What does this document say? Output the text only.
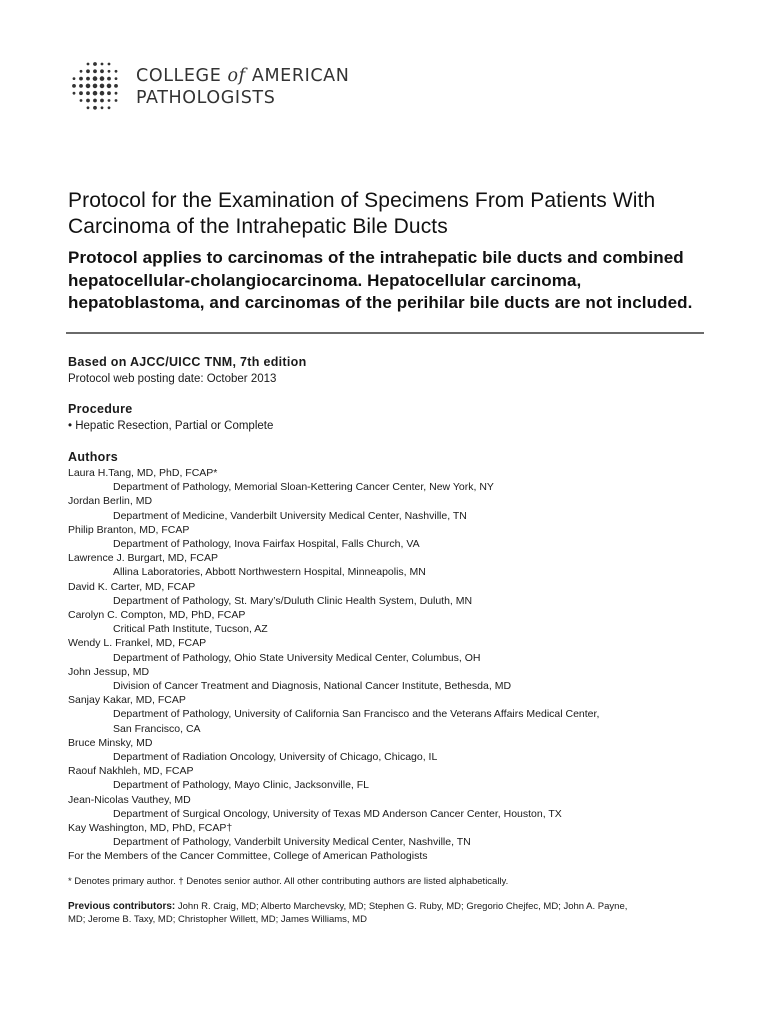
COLLEGE of AMERICAN
PATHOLOGISTS
Protocol for the Examination of Specimens From Patients With Carcinoma of the Intrahepatic Bile Ducts
Protocol applies to carcinomas of the intrahepatic bile ducts and combined hepatocellular-cholangiocarcinoma. Hepatocellular carcinoma, hepatoblastoma, and carcinomas of the perihilar bile ducts are not included.
Based on AJCC/UICC TNM, 7th edition
Protocol web posting date: October 2013
Procedure
• Hepatic Resection, Partial or Complete
Authors
Laura H.Tang, MD, PhD, FCAP*
Department of Pathology, Memorial Sloan-Kettering Cancer Center, New York, NY
Jordan Berlin, MD
Department of Medicine, Vanderbilt University Medical Center, Nashville, TN
Philip Branton, MD, FCAP
Department of Pathology, Inova Fairfax Hospital, Falls Church, VA
Lawrence J. Burgart, MD, FCAP
Allina Laboratories, Abbott Northwestern Hospital, Minneapolis, MN
David K. Carter, MD, FCAP
Department of Pathology, St. Mary’s/Duluth Clinic Health System, Duluth, MN
Carolyn C. Compton, MD, PhD, FCAP
Critical Path Institute, Tucson, AZ
Wendy L. Frankel, MD, FCAP
Department of Pathology, Ohio State University Medical Center, Columbus, OH
John Jessup, MD
Division of Cancer Treatment and Diagnosis, National Cancer Institute, Bethesda, MD
Sanjay Kakar, MD, FCAP
Department of Pathology, University of California San Francisco and the Veterans Affairs Medical Center,
San Francisco, CA
Bruce Minsky, MD
Department of Radiation Oncology, University of Chicago, Chicago, IL
Raouf Nakhleh, MD, FCAP
Department of Pathology, Mayo Clinic, Jacksonville, FL
Jean-Nicolas Vauthey, MD
Department of Surgical Oncology, University of Texas MD Anderson Cancer Center, Houston, TX
Kay Washington, MD, PhD, FCAP†
Department of Pathology, Vanderbilt University Medical Center, Nashville, TN
For the Members of the Cancer Committee, College of American Pathologists
* Denotes primary author. † Denotes senior author. All other contributing authors are listed alphabetically.
Previous contributors: John R. Craig, MD; Alberto Marchevsky, MD; Stephen G. Ruby, MD; Gregorio Chejfec, MD; John A. Payne, MD; Jerome B. Taxy, MD; Christopher Willett, MD; James Williams, MD
